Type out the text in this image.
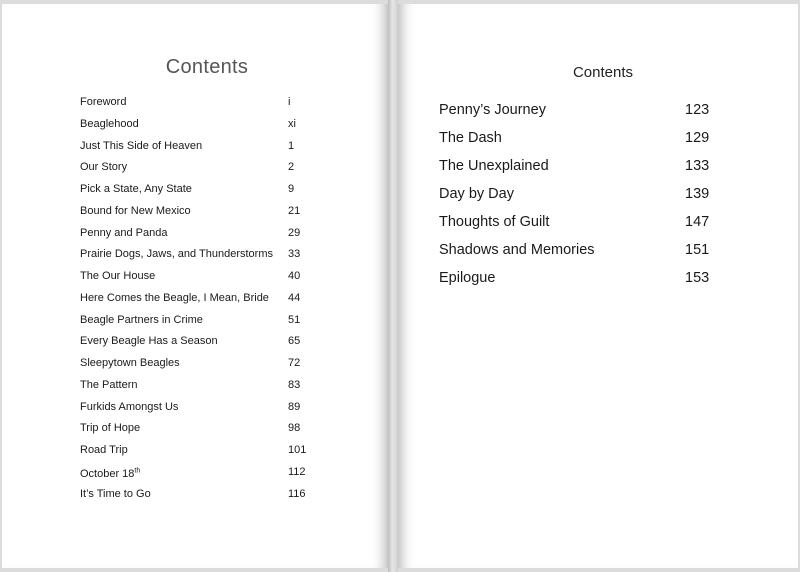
Contents
Foreword	i
Beaglehood	xi
Just This Side of Heaven	1
Our Story	2
Pick a State, Any State	9
Bound for New Mexico	21
Penny and Panda	29
Prairie Dogs, Jaws, and Thunderstorms 33
The Our House	40
Here Comes the Beagle, I Mean, Bride 44
Beagle Partners in Crime	51
Every Beagle Has a Season	65
Sleepytown Beagles	72
The Pattern	83
Furkids Amongst Us	89
Trip of Hope	98
Road Trip	101
October 18th	112
It’s Time to Go	116
Contents
Penny’s Journey	123
The Dash	129
The Unexplained	133
Day by Day	139
Thoughts of Guilt	147
Shadows and Memories	151
Epilogue	153
